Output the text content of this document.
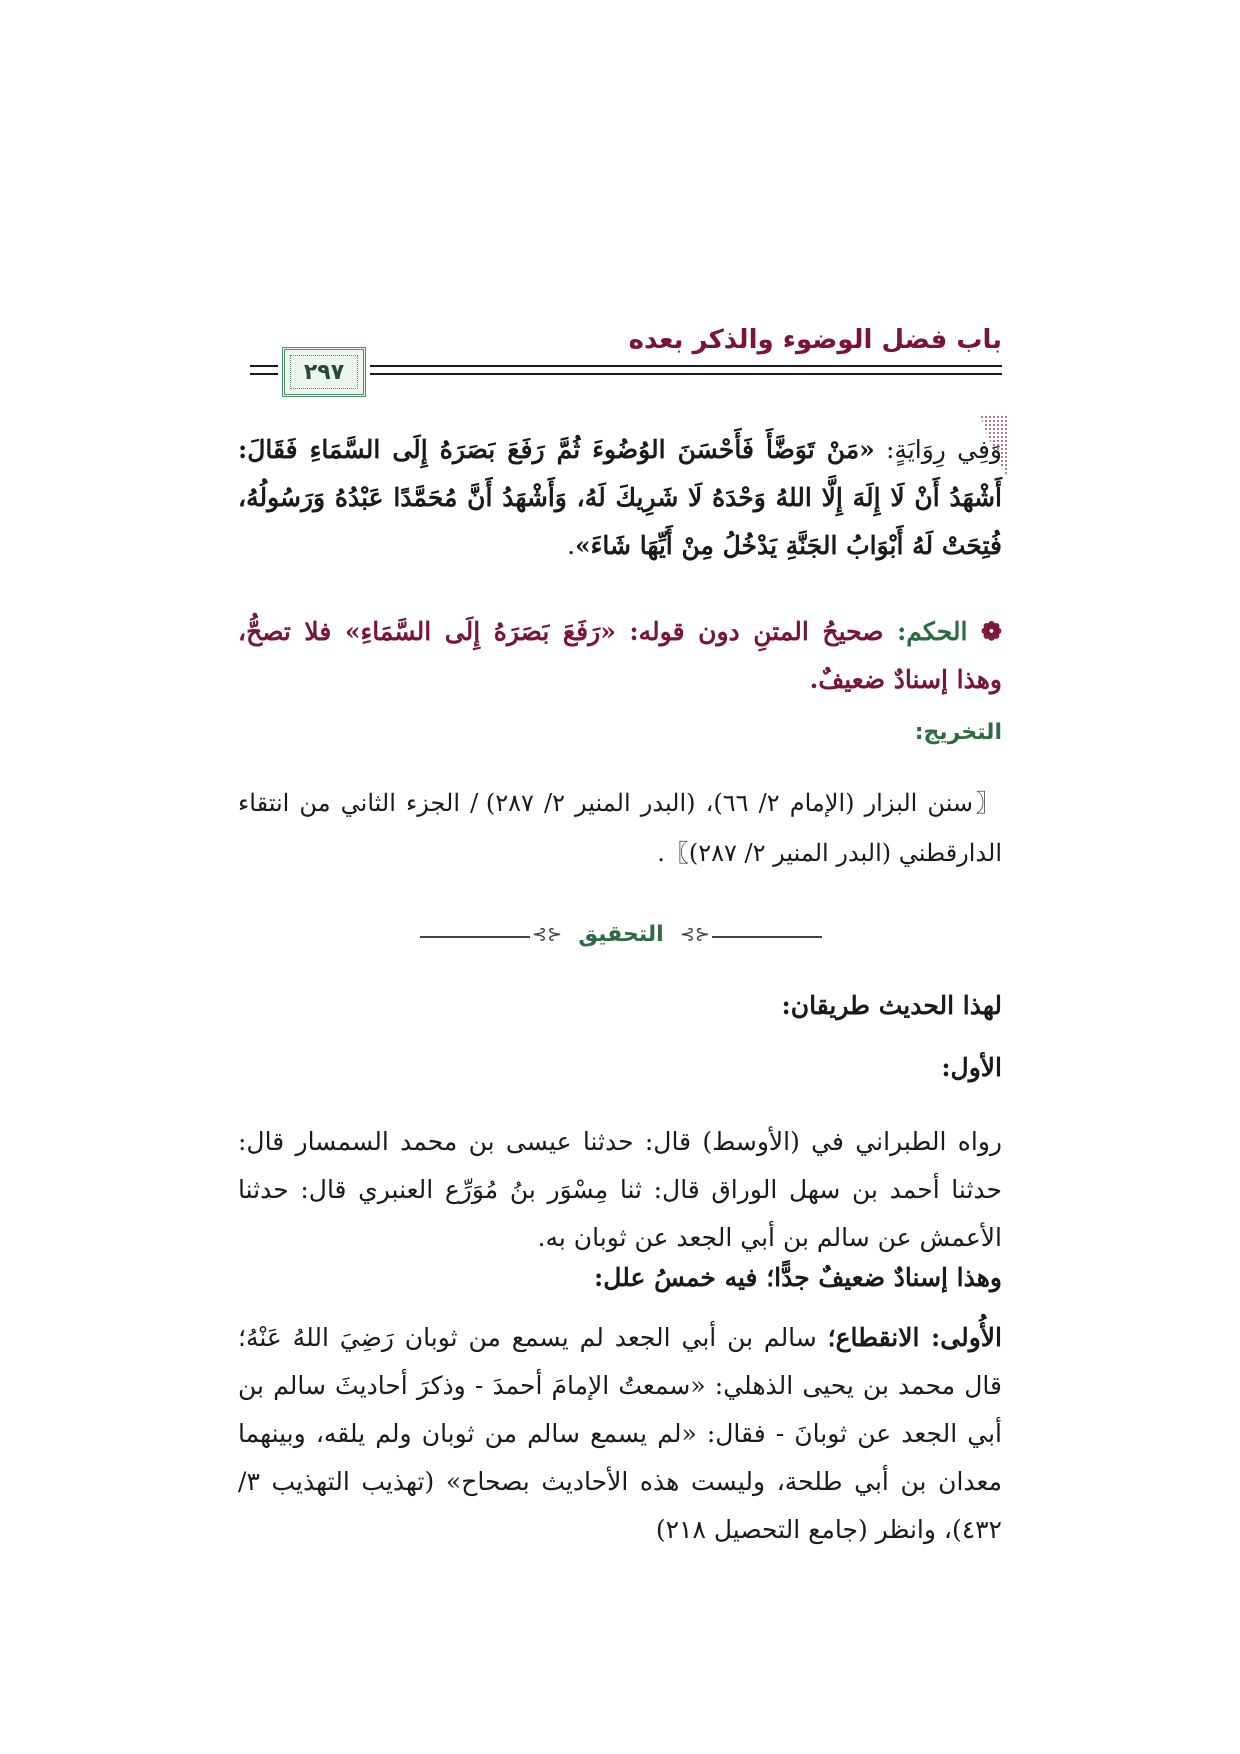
باب فضل الوضوء والذكر بعده
٢٩٧
وَفِي رِوَايَةٍ: «مَنْ تَوَضَّأَ فَأَحْسَنَ الوُضُوءَ ثُمَّ رَفَعَ بَصَرَهُ إِلَى السَّمَاءِ فَقَالَ: أَشْهَدُ أَنْ لَا إِلَهَ إِلَّا اللهُ وَحْدَهُ لَا شَرِيكَ لَهُ، وَأَشْهَدُ أَنَّ مُحَمَّدًا عَبْدُهُ وَرَسُولُهُ، فُتِحَتْ لَهُ أَبْوَابُ الجَنَّةِ يَدْخُلُ مِنْ أَيِّهَا شَاءَ».
❁ الحكم: صحيحُ المتنِ دون قوله: «رَفَعَ بَصَرَهُ إِلَى السَّمَاءِ» فلا تصحُّ، وهذا إسنادٌ ضعيفٌ.
التخريج:
〖سنن البزار (الإمام ٢/ ٦٦)، (البدر المنير ٢/ ٢٨٧) / الجزء الثاني من انتقاء الدارقطني (البدر المنير ٢/ ٢٨٧)〗.
⊰⊱	⊰⊱
التحقيق
لهذا الحديث طريقان:
الأول:
رواه الطبراني في (الأوسط) قال: حدثنا عيسى بن محمد السمسار قال: حدثنا أحمد بن سهل الوراق قال: ثنا مِسْوَر بنُ مُوَرِّع العنبري قال: حدثنا الأعمش عن سالم بن أبي الجعد عن ثوبان به.
وهذا إسنادٌ ضعيفٌ جدًّا؛ فيه خمسُ علل:
الأُولى: الانقطاع؛ سالم بن أبي الجعد لم يسمع من ثوبان رَضِيَ اللهُ عَنْهُ؛ قال محمد بن يحيى الذهلي: «سمعتُ الإمامَ أحمدَ - وذكرَ أحاديثَ سالم بن أبي الجعد عن ثوبانَ - فقال: «لم يسمع سالم من ثوبان ولم يلقه، وبينهما معدان بن أبي طلحة، وليست هذه الأحاديث بصحاح» (تهذيب التهذيب ٣/ ٤٣٢)، وانظر (جامع التحصيل ٢١٨)
